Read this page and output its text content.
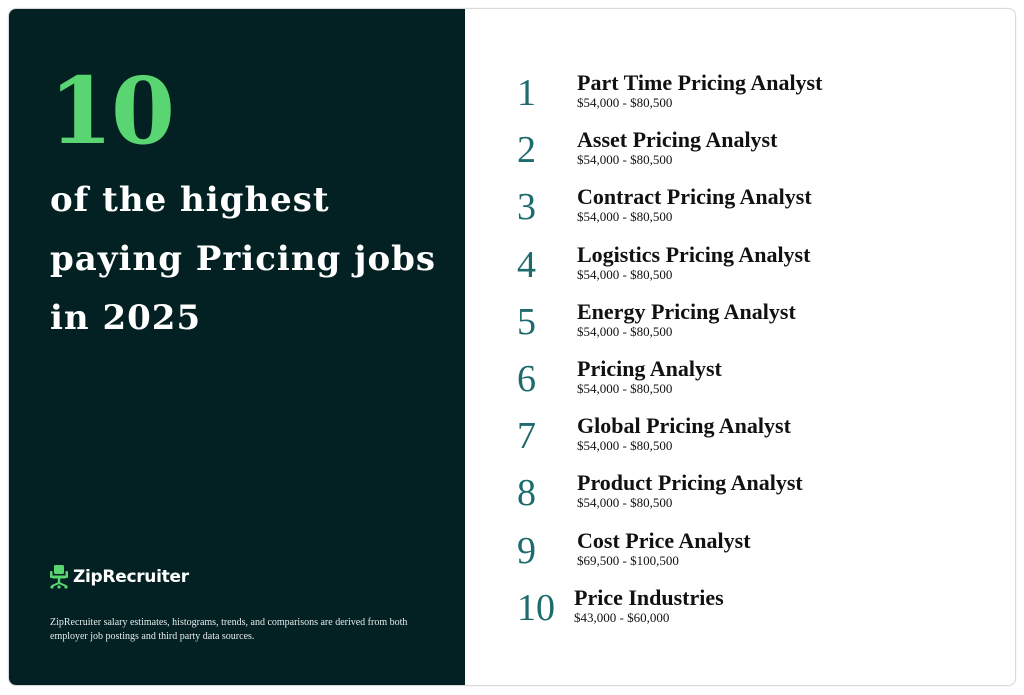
10
of the highest
paying Pricing jobs
in 2025
ZipRecruiter
ZipRecruiter salary estimates, histograms, trends, and comparisons are derived from both employer job postings and third party data sources.
1 Part Time Pricing Analyst
$54,000 - $80,500
2 Asset Pricing Analyst
$54,000 - $80,500
3 Contract Pricing Analyst
$54,000 - $80,500
4 Logistics Pricing Analyst
$54,000 - $80,500
5 Energy Pricing Analyst
$54,000 - $80,500
6 Pricing Analyst
$54,000 - $80,500
7 Global Pricing Analyst
$54,000 - $80,500
8 Product Pricing Analyst
$54,000 - $80,500
9 Cost Price Analyst
$69,500 - $100,500
10 Price Industries
$43,000 - $60,000
